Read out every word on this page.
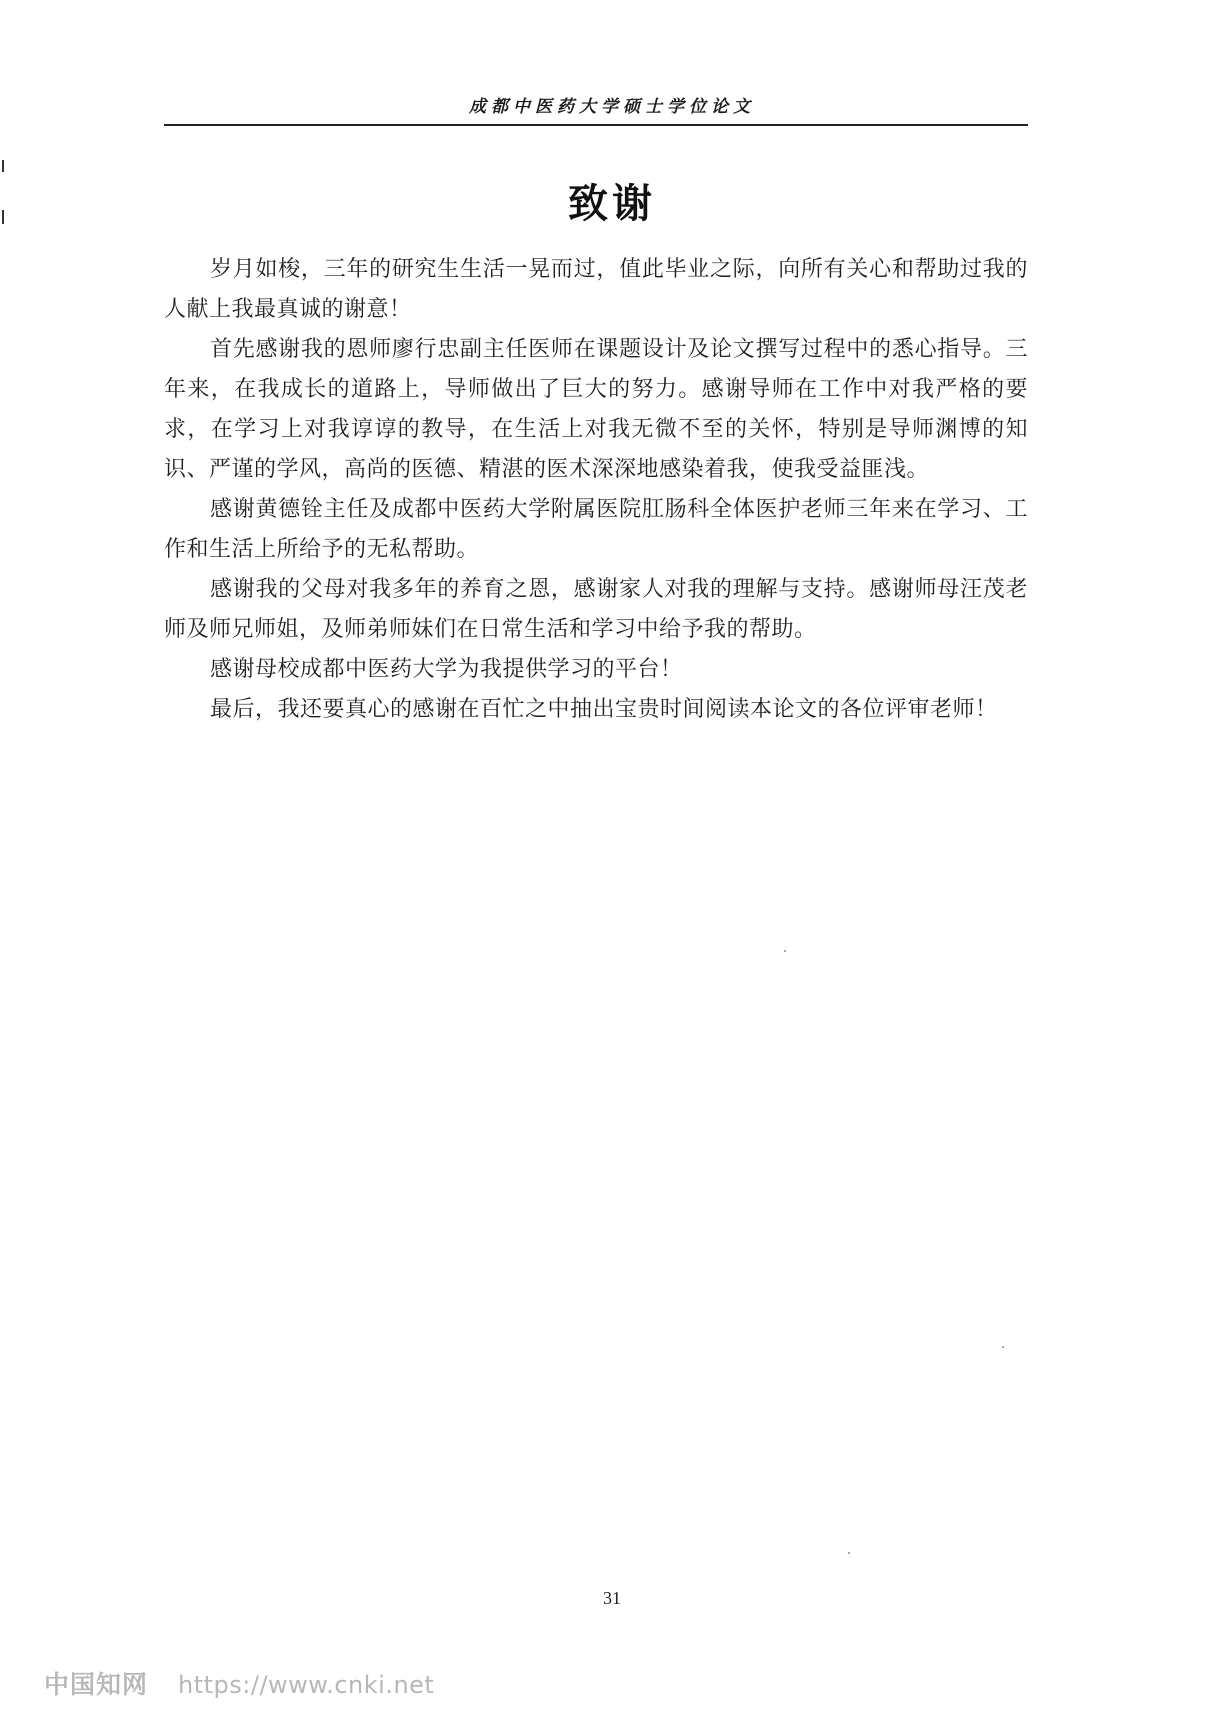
成都中医药大学硕士学位论文
致谢

岁月如梭，三年的研究生生活一晃而过，值此毕业之际，向所有关心和帮助过我的人献上我最真诚的谢意！

首先感谢我的恩师廖行忠副主任医师在课题设计及论文撰写过程中的悉心指导。三年来，在我成长的道路上，导师做出了巨大的努力。感谢导师在工作中对我严格的要求，在学习上对我谆谆的教导，在生活上对我无微不至的关怀，特别是导师渊博的知识、严谨的学风，高尚的医德、精湛的医术深深地感染着我，使我受益匪浅。

感谢黄德铨主任及成都中医药大学附属医院肛肠科全体医护老师三年来在学习、工作和生活上所给予的无私帮助。

感谢我的父母对我多年的养育之恩，感谢家人对我的理解与支持。感谢师母汪茂老师及师兄师姐，及师弟师妹们在日常生活和学习中给予我的帮助。

感谢母校成都中医药大学为我提供学习的平台！

最后，我还要真心的感谢在百忙之中抽出宝贵时间阅读本论文的各位评审老师！

31
中国知网 https://www.cnki.net
